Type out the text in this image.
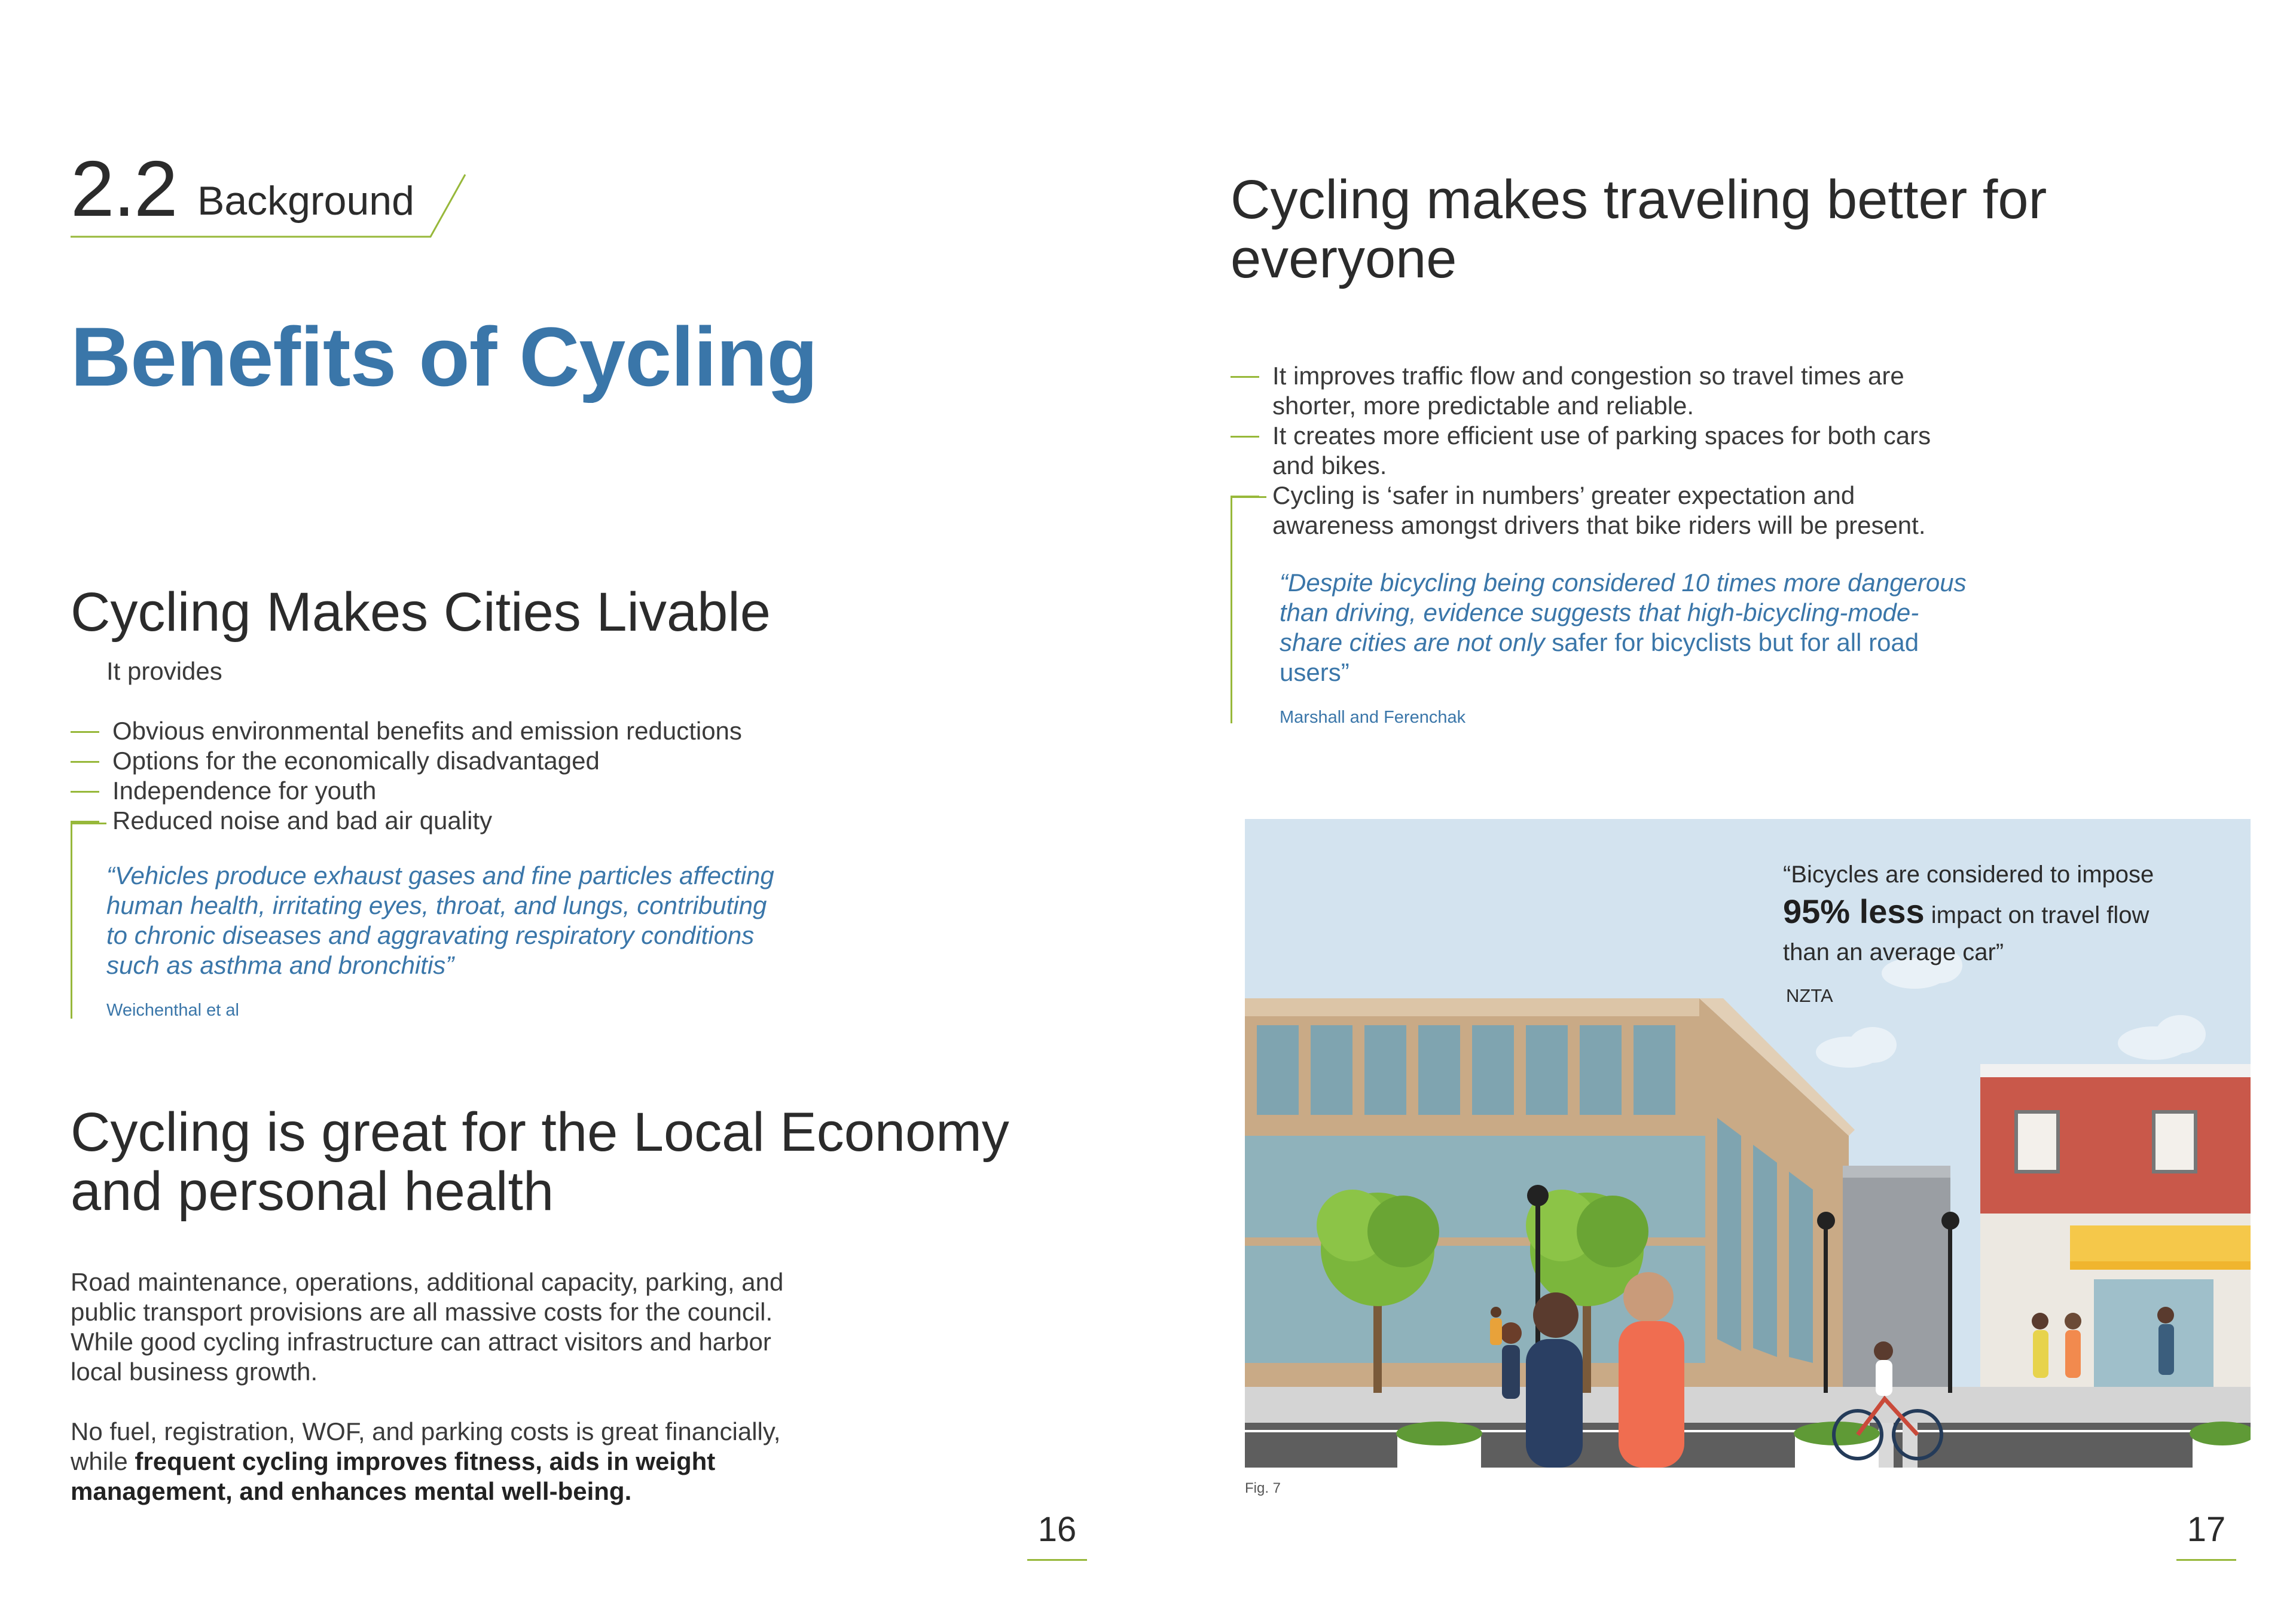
2.2 Background
Benefits of Cycling
Cycling Makes Cities Livable
It provides
Obvious environmental benefits and emission reductions
Options for the economically disadvantaged
Independence for youth
Reduced noise and bad air quality
“Vehicles produce exhaust gases and fine particles affecting human health, irritating eyes, throat, and lungs, contributing to chronic diseases and aggravating respiratory conditions such as asthma and bronchitis”
Weichenthal et al
Cycling is great for the Local Economy and personal health

Road maintenance, operations, additional capacity, parking, and public transport provisions are all massive costs for the council. While good cycling infrastructure can attract visitors and harbor local business growth.

No fuel, registration, WOF, and parking costs is great financially, while frequent cycling improves fitness, aids in weight management, and enhances mental well-being.

16
Cycling makes traveling better for everyone
It improves traffic flow and congestion so travel times are shorter, more predictable and reliable.
It creates more efficient use of parking spaces for both cars and bikes.
Cycling is ‘safer in numbers’ greater expectation and awareness amongst drivers that bike riders will be present.
“Despite bicycling being considered 10 times more dangerous than driving, evidence suggests that high-bicycling-mode-share cities are not only safer for bicyclists but for all road users”
Marshall and Ferenchak
“Bicycles are considered to impose
95% less impact on travel flow than an average car”
NZTA
Fig. 7
17
